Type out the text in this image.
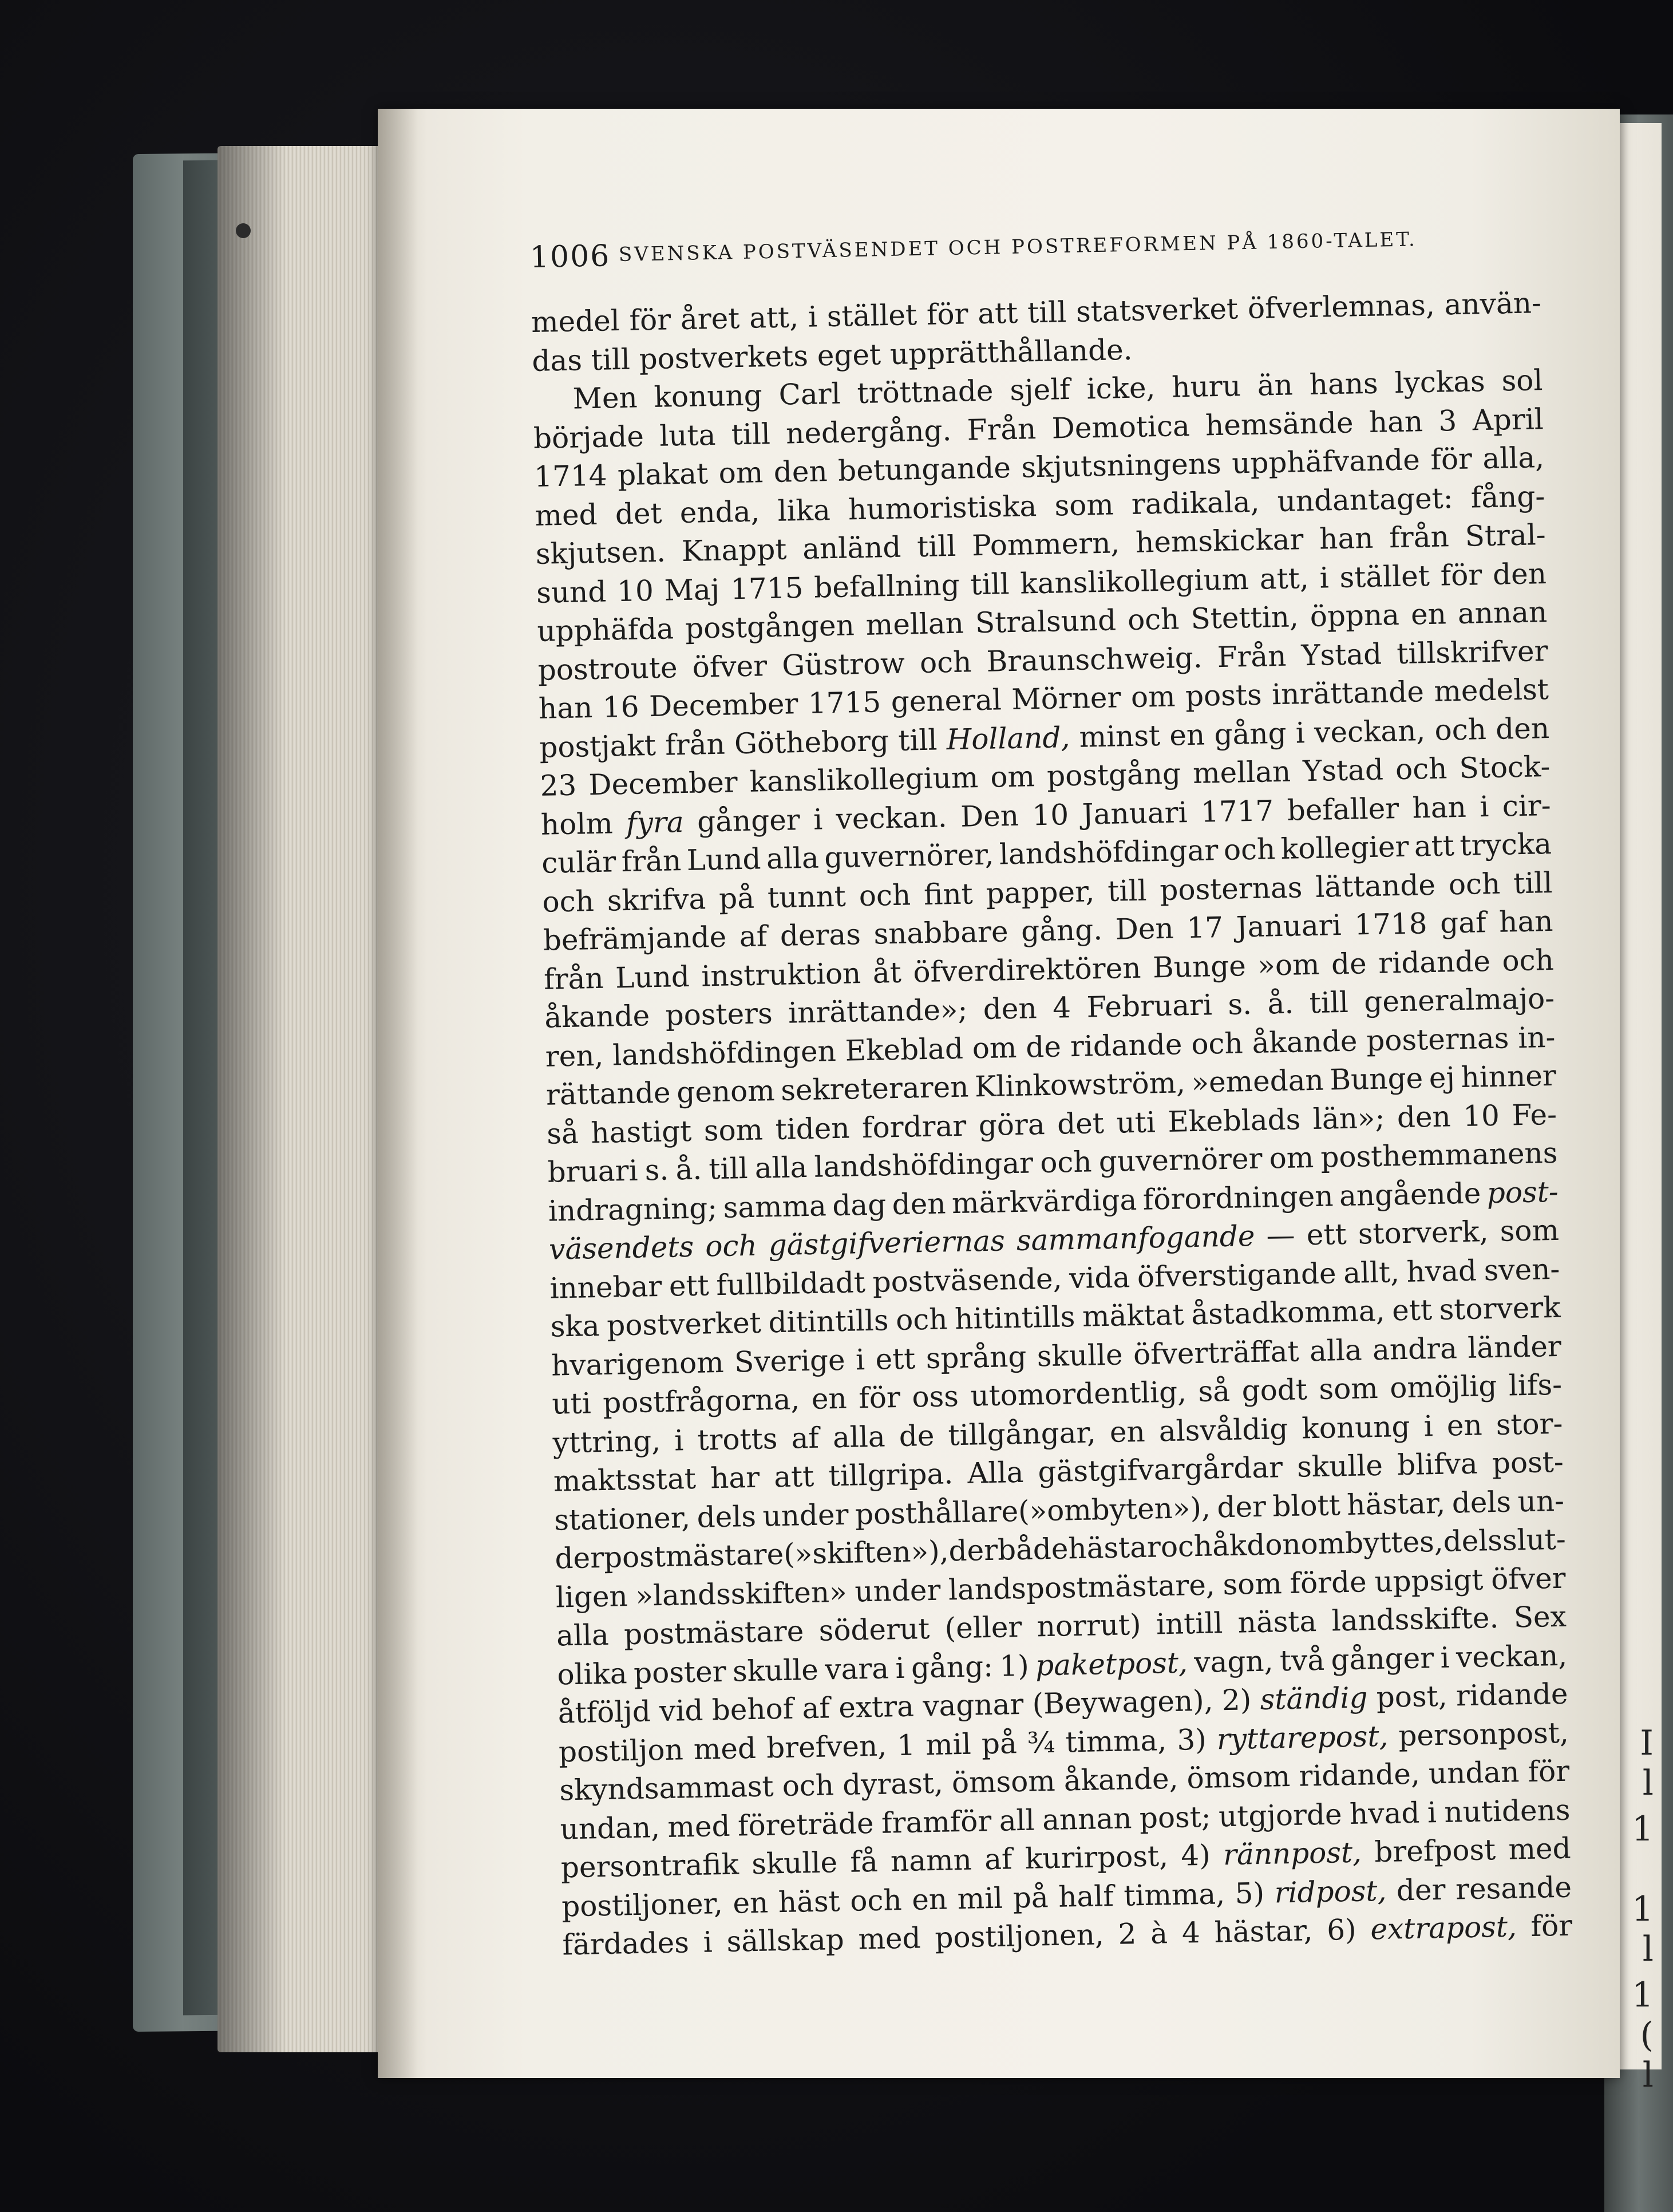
I
l
1
1
l
1
(
l
1006 SVENSKA POSTVÄSENDET OCH POSTREFORMEN PÅ 1860-TALET.
medel för året att, i stället för att till statsverket öfverlemnas, använ-
das till postverkets eget upprätthållande.
Men konung Carl tröttnade sjelf icke, huru än hans lyckas sol
började luta till nedergång. Från Demotica hemsände han 3 April
1714 plakat om den betungande skjutsningens upphäfvande för alla,
med det enda, lika humoristiska som radikala, undantaget: fång-
skjutsen. Knappt anländ till Pommern, hemskickar han från Stral-
sund 10 Maj 1715 befallning till kanslikollegium att, i stället för den
upphäfda postgången mellan Stralsund och Stettin, öppna en annan
postroute öfver Güstrow och Braunschweig. Från Ystad tillskrifver
han 16 December 1715 general Mörner om posts inrättande medelst
postjakt från Götheborg till Holland, minst en gång i veckan, och den
23 December kanslikollegium om postgång mellan Ystad och Stock-
holm fyra gånger i veckan. Den 10 Januari 1717 befaller han i cir-
culär från Lund alla guvernörer, landshöfdingar och kollegier att trycka
och skrifva på tunnt och fint papper, till posternas lättande och till
befrämjande af deras snabbare gång. Den 17 Januari 1718 gaf han
från Lund instruktion åt öfverdirektören Bunge »om de ridande och
åkande posters inrättande»; den 4 Februari s. å. till generalmajo-
ren, landshöfdingen Ekeblad om de ridande och åkande posternas in-
rättande genom sekreteraren Klinkowström, »emedan Bunge ej hinner
så hastigt som tiden fordrar göra det uti Ekeblads län»; den 10 Fe-
bruari s. å. till alla landshöfdingar och guvernörer om posthemmanens
indragning; samma dag den märkvärdiga förordningen angående post-
väsendets och gästgifveriernas sammanfogande — ett storverk, som
innebar ett fullbildadt postväsende, vida öfverstigande allt, hvad sven-
ska postverket ditintills och hitintills mäktat åstadkomma, ett storverk
hvarigenom Sverige i ett språng skulle öfverträffat alla andra länder
uti postfrågorna, en för oss utomordentlig, så godt som omöjlig lifs-
yttring, i trotts af alla de tillgångar, en alsvåldig konung i en stor-
maktsstat har att tillgripa. Alla gästgifvargårdar skulle blifva post-
stationer, dels under posthållare(»ombyten»), der blott hästar, dels un-
der
postmästare(»skiften»),
der
både
hästar
och
åkdon
ombyttes,
dels
slut-
ligen »landsskiften» under landspostmästare, som förde uppsigt öfver
alla postmästare söderut (eller norrut) intill nästa landsskifte. Sex
olika poster skulle vara i gång: 1) paketpost, vagn, två gånger i veckan,
åtföljd vid behof af extra vagnar (Beywagen), 2) ständig post, ridande
postiljon med brefven, 1 mil på ¾ timma, 3) ryttarepost, personpost,
skyndsammast och dyrast, ömsom åkande, ömsom ridande, undan för
undan, med företräde framför all annan post; utgjorde hvad i nutidens
persontrafik skulle få namn af kurirpost, 4) rännpost, brefpost med
postiljoner, en häst och en mil på half timma, 5) ridpost, der resande
färdades i sällskap med postiljonen, 2 à 4 hästar, 6) extrapost, för
